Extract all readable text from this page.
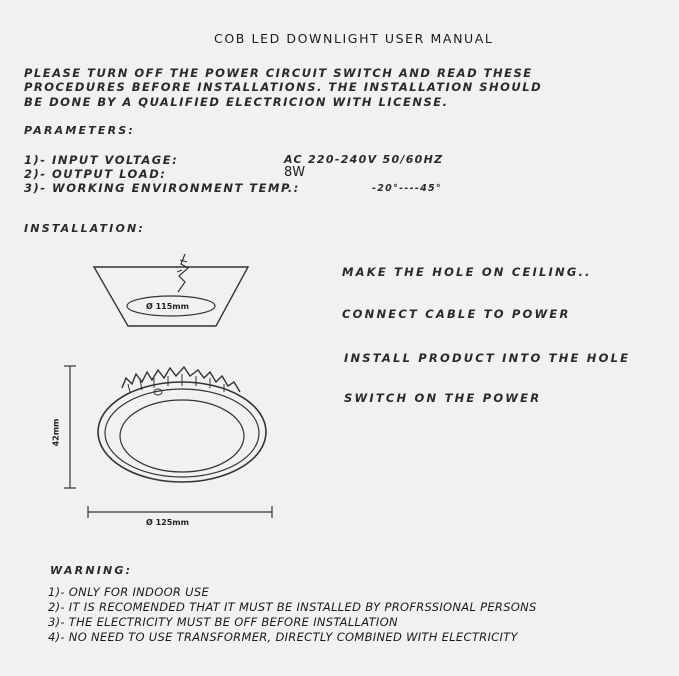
COB LED DOWNLIGHT USER MANUAL
PLEASE TURN OFF THE POWER CIRCUIT SWITCH AND READ THESE
PROCEDURES BEFORE INSTALLATIONS. THE INSTALLATION SHOULD
BE DONE BY A QUALIFIED ELECTRICION WITH LICENSE.
PARAMETERS:
1)- INPUT VOLTAGE:	AC 220-240V 50/60HZ
2)- OUTPUT LOAD:	8W
3)- WORKING ENVIRONMENT TEMP.:	-20°----45°
INSTALLATION:
Ø 115mm
42mm
Ø 125mm
MAKE THE HOLE ON CEILING..
CONNECT CABLE TO POWER
INSTALL PRODUCT INTO THE HOLE
SWITCH ON THE POWER
WARNING:
1)- ONLY FOR INDOOR USE
2)- IT IS RECOMENDED THAT IT MUST BE INSTALLED BY PROFRSSIONAL PERSONS
3)- THE ELECTRICITY MUST BE OFF BEFORE INSTALLATION
4)- NO NEED TO USE TRANSFORMER, DIRECTLY COMBINED WITH ELECTRICITY
